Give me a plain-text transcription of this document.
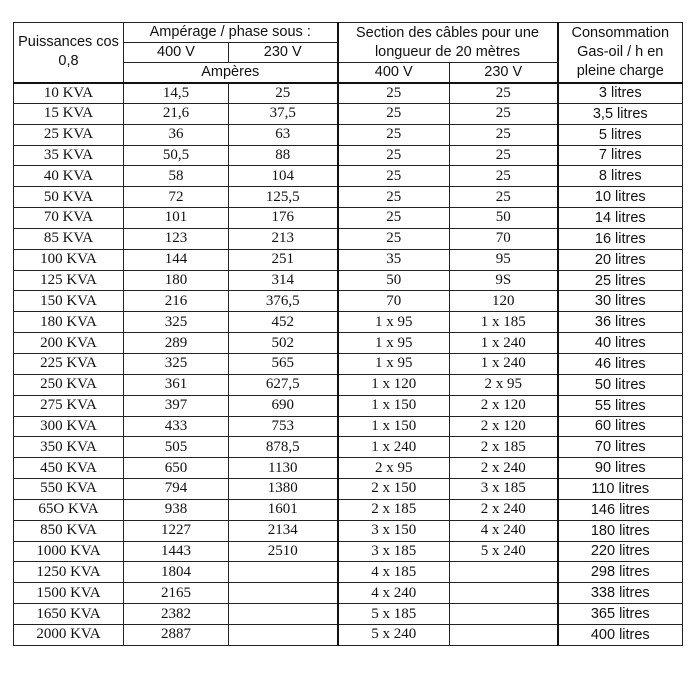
Puissances cos 0,8	Ampérage / phase sous :		Section des câbles pour une longueur de 20 mètres		Consommation Gas-oil / h en pleine charge
	400 V	230 V			
	Ampères		400 V	230 V	
10 KVA	14,5	25	25	25	3 litres
15 KVA	21,6	37,5	25	25	3,5 litres
25 KVA	36	63	25	25	5 litres
35 KVA	50,5	88	25	25	7 litres
40 KVA	58	104	25	25	8 litres
50 KVA	72	125,5	25	25	10 litres
70 KVA	101	176	25	50	14 litres
85 KVA	123	213	25	70	16 litres
100 KVA	144	251	35	95	20 litres
125 KVA	180	314	50	9S	25 litres
150 KVA	216	376,5	70	120	30 litres
180 KVA	325	452	1 x 95	1 x 185	36 litres
200 KVA	289	502	1 x 95	1 x 240	40 litres
225 KVA	325	565	1 x 95	1 x 240	46 litres
250 KVA	361	627,5	1 x 120	2 x 95	50 litres
275 KVA	397	690	1 x 150	2 x 120	55 litres
300 KVA	433	753	1 x 150	2 x 120	60 litres
350 KVA	505	878,5	1 x 240	2 x 185	70 litres
450 KVA	650	1130	2 x 95	2 x 240	90 litres
550 KVA	794	1380	2 x 150	3 x 185	110 litres
65O KVA	938	1601	2 x 185	2 x 240	146 litres
850 KVA	1227	2134	3 x 150	4 x 240	180 litres
1000 KVA	1443	2510	3 x 185	5 x 240	220 litres
1250 KVA	1804		4 x 185		298 litres
1500 KVA	2165		4 x 240		338 litres
1650 KVA	2382		5 x 185		365 litres
2000 KVA	2887		5 x 240		400 litres
